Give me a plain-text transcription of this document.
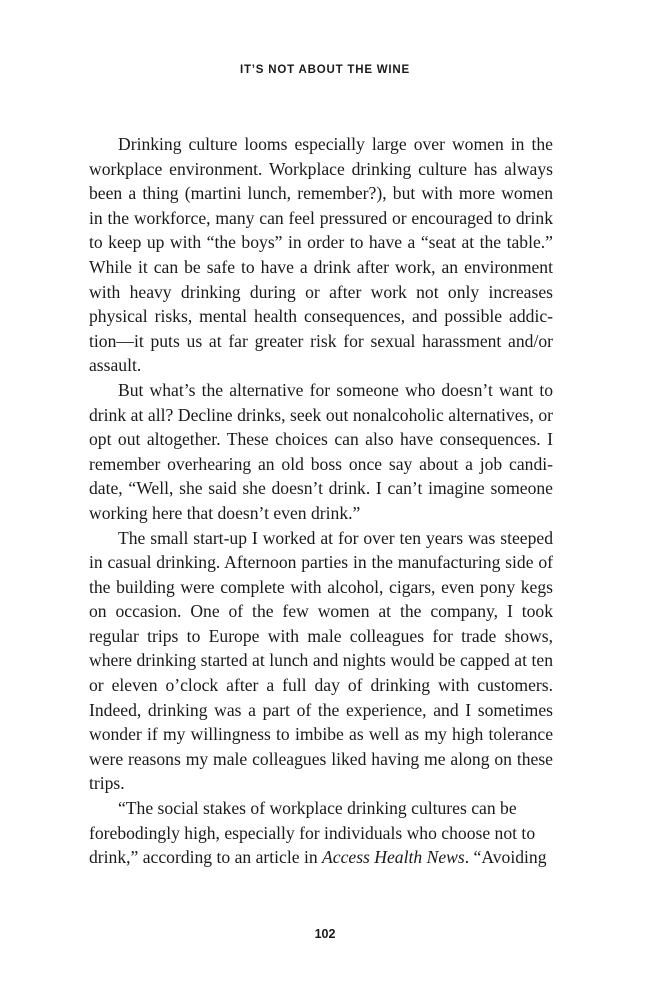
IT’S NOT ABOUT THE WINE

Drinking culture looms especially large over women in the workplace environment. Workplace drinking culture has always been a thing (martini lunch, remember?), but with more women in the workforce, many can feel pressured or encouraged to drink to keep up with “the boys” in order to have a “seat at the table.” While it can be safe to have a drink after work, an environment with heavy drinking during or after work not only increases physical risks, mental health consequences, and possible addiction—it puts us at far greater risk for sexual harassment and/or assault.

But what’s the alternative for someone who doesn’t want to drink at all? Decline drinks, seek out nonalcoholic alternatives, or opt out altogether. These choices can also have consequences. I remember overhearing an old boss once say about a job candidate, “Well, she said she doesn’t drink. I can’t imagine someone working here that doesn’t even drink.”

The small start-up I worked at for over ten years was steeped in casual drinking. Afternoon parties in the manufacturing side of the building were complete with alcohol, cigars, even pony kegs on occasion. One of the few women at the company, I took regular trips to Europe with male colleagues for trade shows, where drinking started at lunch and nights would be capped at ten or eleven o’clock after a full day of drinking with customers. Indeed, drinking was a part of the experience, and I sometimes wonder if my willingness to imbibe as well as my high tolerance were reasons my male colleagues liked having me along on these trips.

“The social stakes of workplace drinking cultures can be forebodingly high, especially for individuals who choose not to drink,” according to an article in Access Health News. “Avoiding

102
